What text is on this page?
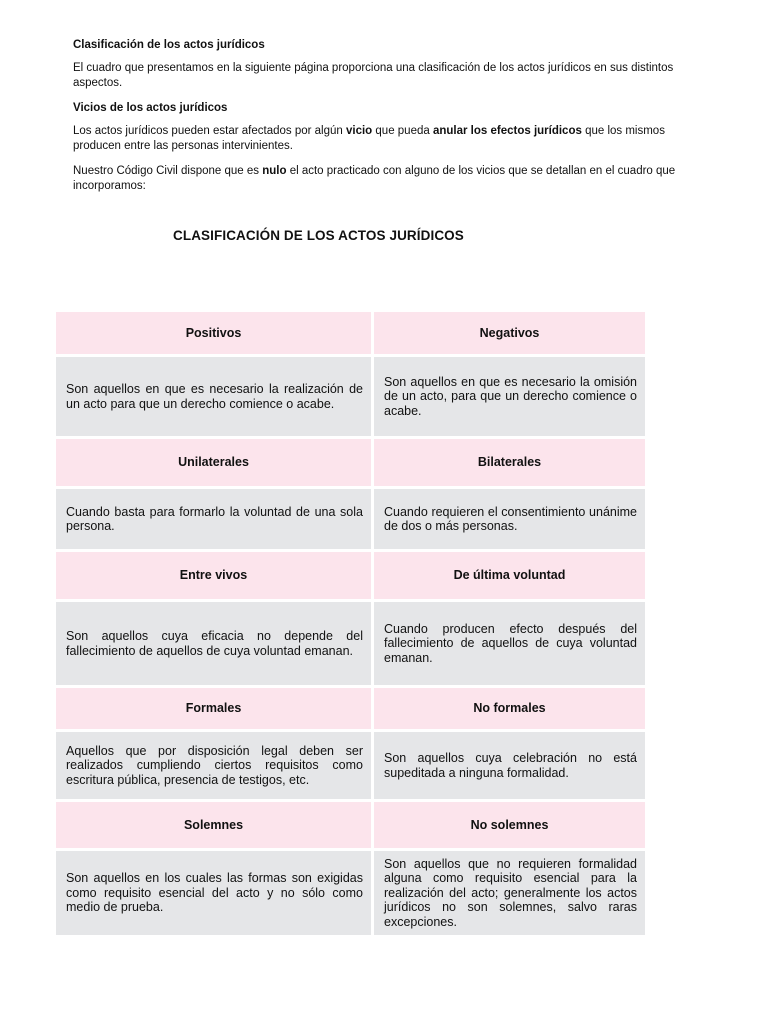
Clasificación de los actos jurídicos

El cuadro que presentamos en la siguiente página proporciona una clasificación de los actos jurídicos en sus distintos aspectos.

Vicios de los actos jurídicos

Los actos jurídicos pueden estar afectados por algún vicio que pueda anular los efectos jurídicos que los mismos producen entre las personas intervinientes.

Nuestro Código Civil dispone que es nulo el acto practicado con alguno de los vicios que se detallan en el cuadro que incorporamos:

CLASIFICACIÓN DE LOS ACTOS JURÍDICOS
Positivos	Negativos
Son aquellos en que es necesario la realización de un acto para que un derecho comience o acabe.	Son aquellos en que es necesario la omisión de un acto, para que un derecho comience o acabe.
Unilaterales	Bilaterales
Cuando basta para formarlo la voluntad de una sola persona.	Cuando requieren el consentimiento unánime de dos o más personas.
Entre vivos	De última voluntad
Son aquellos cuya eficacia no depende del fallecimiento de aquellos de cuya voluntad emanan.	Cuando producen efecto después del fallecimiento de aquellos de cuya voluntad emanan.
Formales	No formales
Aquellos que por disposición legal deben ser realizados cumpliendo ciertos requisitos como escritura pública, presencia de testigos, etc.	Son aquellos cuya celebración no está supeditada a ninguna formalidad.
Solemnes	No solemnes
Son aquellos en los cuales las formas son exigidas como requisito esencial del acto y no sólo como medio de prueba.	Son aquellos que no requieren formalidad alguna como requisito esencial para la realización del acto; generalmente los actos jurídicos no son solemnes, salvo raras excepciones.
